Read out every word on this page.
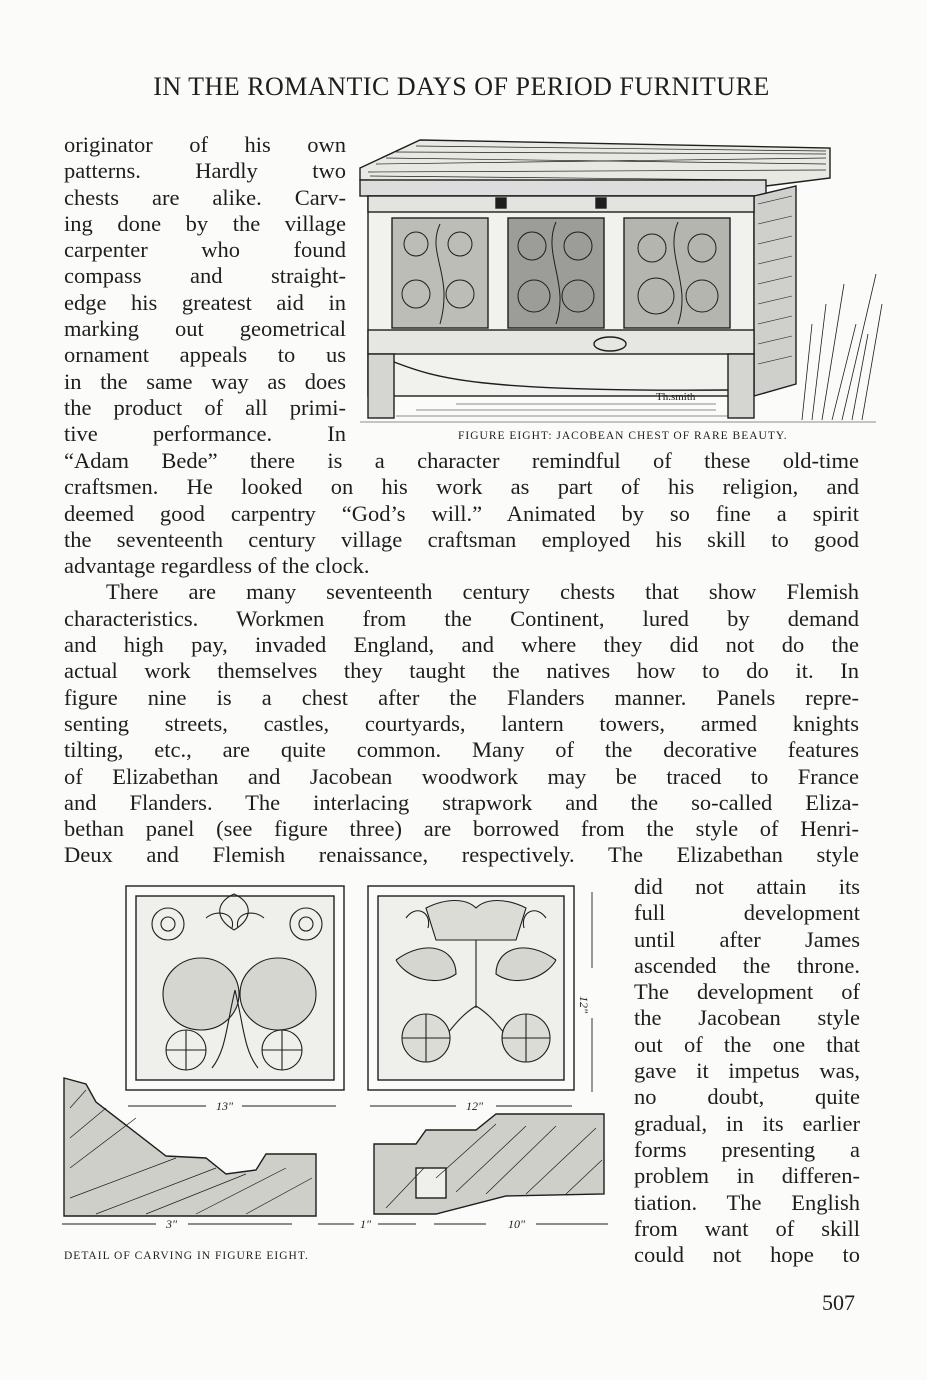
IN THE ROMANTIC DAYS OF PERIOD FURNITURE
originator of his own
patterns. Hardly two
chests are alike. Carv-
ing done by the village
carpenter who found
compass and straight-
edge his greatest aid in
marking out geometrical
ornament appeals to us
in the same way as does
the product of all primi-
tive performance. In
Th.smith
FIGURE EIGHT: JACOBEAN CHEST OF RARE BEAUTY.
“Adam Bede” there is a character remindful of these old-time
craftsmen. He looked on his work as part of his religion, and
deemed good carpentry “God’s will.” Animated by so fine a spirit
the seventeenth century village craftsman employed his skill to good
advantage regardless of the clock.
There are many seventeenth century chests that show Flemish
characteristics. Workmen from the Continent, lured by demand
and high pay, invaded England, and where they did not do the
actual work themselves they taught the natives how to do it. In
figure nine is a chest after the Flanders manner. Panels repre-
senting streets, castles, courtyards, lantern towers, armed knights
tilting, etc., are quite common. Many of the decorative features
of Elizabethan and Jacobean woodwork may be traced to France
and Flanders. The interlacing strapwork and the so-called Eliza-
bethan panel (see figure three) are borrowed from the style of Henri-
Deux and Flemish renaissance, respectively. The Elizabethan style
13"	12"
12"
3"	1"	10"
DETAIL OF CARVING IN FIGURE EIGHT.
did not attain its
full development
until after James
ascended the throne.
The development of
the Jacobean style
out of the one that
gave it impetus was,
no doubt, quite
gradual, in its earlier
forms presenting a
problem in differen-
tiation. The English
from want of skill
could not hope to
507
